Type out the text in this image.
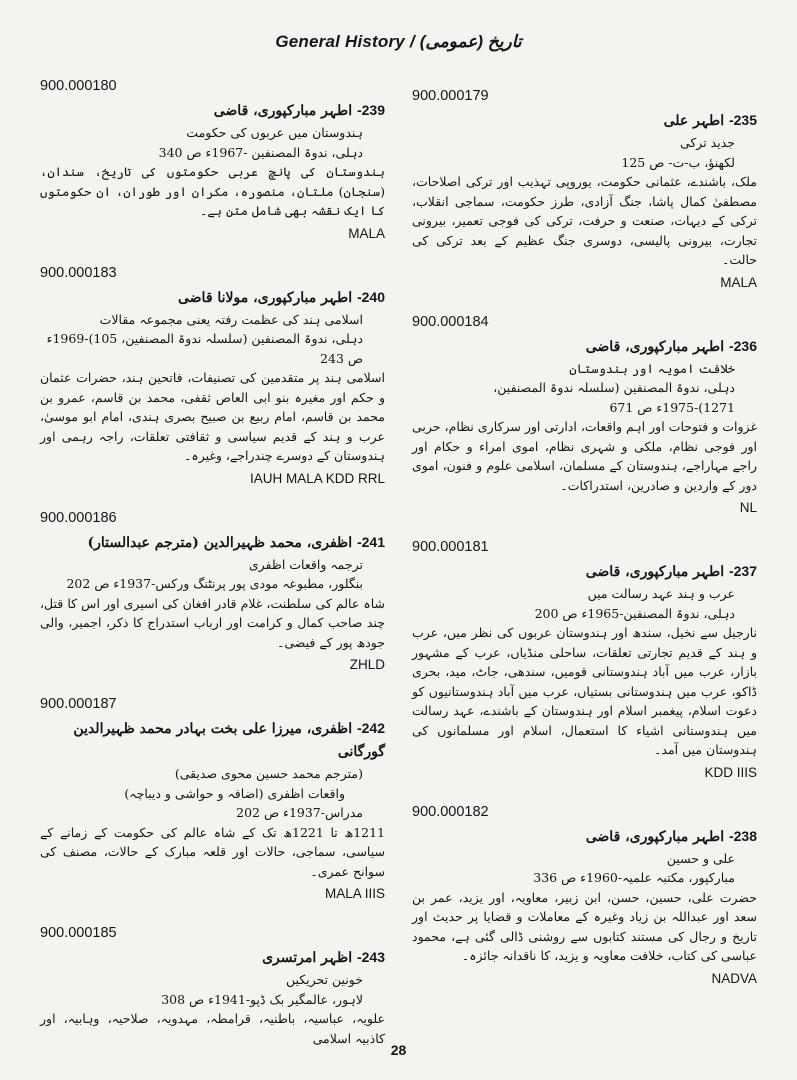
General History / تاریخ (عمومی)
900.000180
239- اطہر مبارکپوری، قاضی
ہندوستان میں عربوں کی حکومت
دہلی، ندوۃ المصنفین -1967ء ص 340
ہندوستان کی پانچ عربی حکومتوں کی تاریخ، سندان، (سنجان) ملتان، منصورہ، مکران اور طوران، ان حکومتوں کا ایک نقشہ بھی شامل متن ہے۔
MALA
900.000183
240- اطہر مبارکپوری، مولانا قاضی
اسلامی ہند کی عظمت رفتہ یعنی مجموعہ مقالات
دہلی، ندوۃ المصنفین (سلسلہ ندوۃ المصنفین، 105)-1969ء ص 243
اسلامی ہند پر متقدمین کی تصنیفات، فاتحین ہند، حضرات عثمان و حکم اور مغیرہ بنو ابی العاص ثقفی، محمد بن قاسم، عمرو بن محمد بن قاسم، امام ربیع بن صبیح بصری ہندی، امام ابو موسیٰ، عرب و ہند کے قدیم سیاسی و ثقافتی تعلقات، راجہ رہمی اور ہندوستان کے دوسرے چندراجے، وغیرہ۔
IAUH MALA KDD RRL
900.000186
241- اظفری، محمد ظہیرالدین (مترجم عبدالستار)
ترجمہ واقعات اظفری
بنگلور، مطبوعہ مودی پور پرنٹنگ ورکس-1937ء ص 202
شاہ عالم کی سلطنت، غلام قادر افغان کی اسیری اور اس کا قتل، چند صاحب کمال و کرامت اور ارباب استدراج کا ذکر، اجمیر، والی جودھ پور کے فیضی۔
ZHLD
900.000187
242- اظفری، میرزا علی بخت بہادر محمد ظہیرالدین گورگانی
(مترجم محمد حسین محوی صدیقی)
واقعات اظفری (اضافہ و حواشی و دیباچہ)
مدراس-1937ء ص 202
1211ھ تا 1221ھ تک کے شاہ عالم کی حکومت کے زمانے کے سیاسی، سماجی، حالات اور قلعہ مبارک کے حالات، مصنف کی سوانح عمری۔
MALA IIIS
900.000185
243- اظہر امرتسری
خونین تحریکیں
لاہور، عالمگیر بک ڈپو-1941ء ص 308
علویہ، عباسیہ، باطنیہ، قرامطہ، مہدویہ، صلاحیہ، وہابیہ، اور کاذبیہ اسلامی
900.000179
235- اطہر علی
جدید ترکی
لکھنؤ، ب-ت- ص 125
ملک، باشندے، عثمانی حکومت، یوروپی تہذیب اور ترکی اصلاحات، مصطفیٰ کمال پاشا، جنگ آزادی، طرز حکومت، سماجی انقلاب، ترکی کے دیہات، صنعت و حرفت، ترکی کی فوجی تعمیر، بیرونی تجارت، بیرونی پالیسی، دوسری جنگ عظیم کے بعد ترکی کی حالت۔
MALA
900.000184
236- اطہر مبارکپوری، قاضی
خلافت امویہ اور ہندوستان
دہلی، ندوۃ المصنفین (سلسلہ ندوۃ المصنفین، 1271)-1975ء ص 671
غزوات و فتوحات اور اہم واقعات، ادارتی اور سرکاری نظام، حربی اور فوجی نظام، ملکی و شہری نظام، اموی امراء و حکام اور راجے مہاراجے، ہندوستان کے مسلمان، اسلامی علوم و فنون، اموی دور کے واردین و صادرین، استدراکات۔
NL
900.000181
237- اطہر مبارکپوری، قاضی
عرب و ہند عہد رسالت میں
دہلی، ندوۃ المصنفین-1965ء ص 200
نارجیل سے نخیل، سندھ اور ہندوستان عربوں کی نظر میں، عرب و ہند کے قدیم تجارتی تعلقات، ساحلی منڈیاں، عرب کے مشہور بازار، عرب میں آباد ہندوستانی قومیں، سندھی، جاٹ، مید، بحری ڈاکو، عرب میں ہندوستانی بستیاں، عرب میں آباد ہندوستانیوں کو دعوت اسلام، پیغمبر اسلام اور ہندوستان کے باشندے، عہد رسالت میں ہندوستانی اشیاء کا استعمال، اسلام اور مسلمانوں کی ہندوستان میں آمد۔
KDD IIIS
900.000182
238- اطہر مبارکپوری، قاضی
علی و حسین
مبارکپور، مکتبہ علمیہ-1960ء ص 336
حضرت علی، حسین، حسن، ابن زبیر، معاویہ، اور یزید، عمر بن سعد اور عبداللہ بن زیاد وغیرہ کے معاملات و قضایا پر حدیث اور تاریخ و رجال کی مستند کتابوں سے روشنی ڈالی گئی ہے، محمود عباسی کی کتاب، خلافت معاویہ و یزید، کا ناقدانہ جائزہ۔
NADVA
28
